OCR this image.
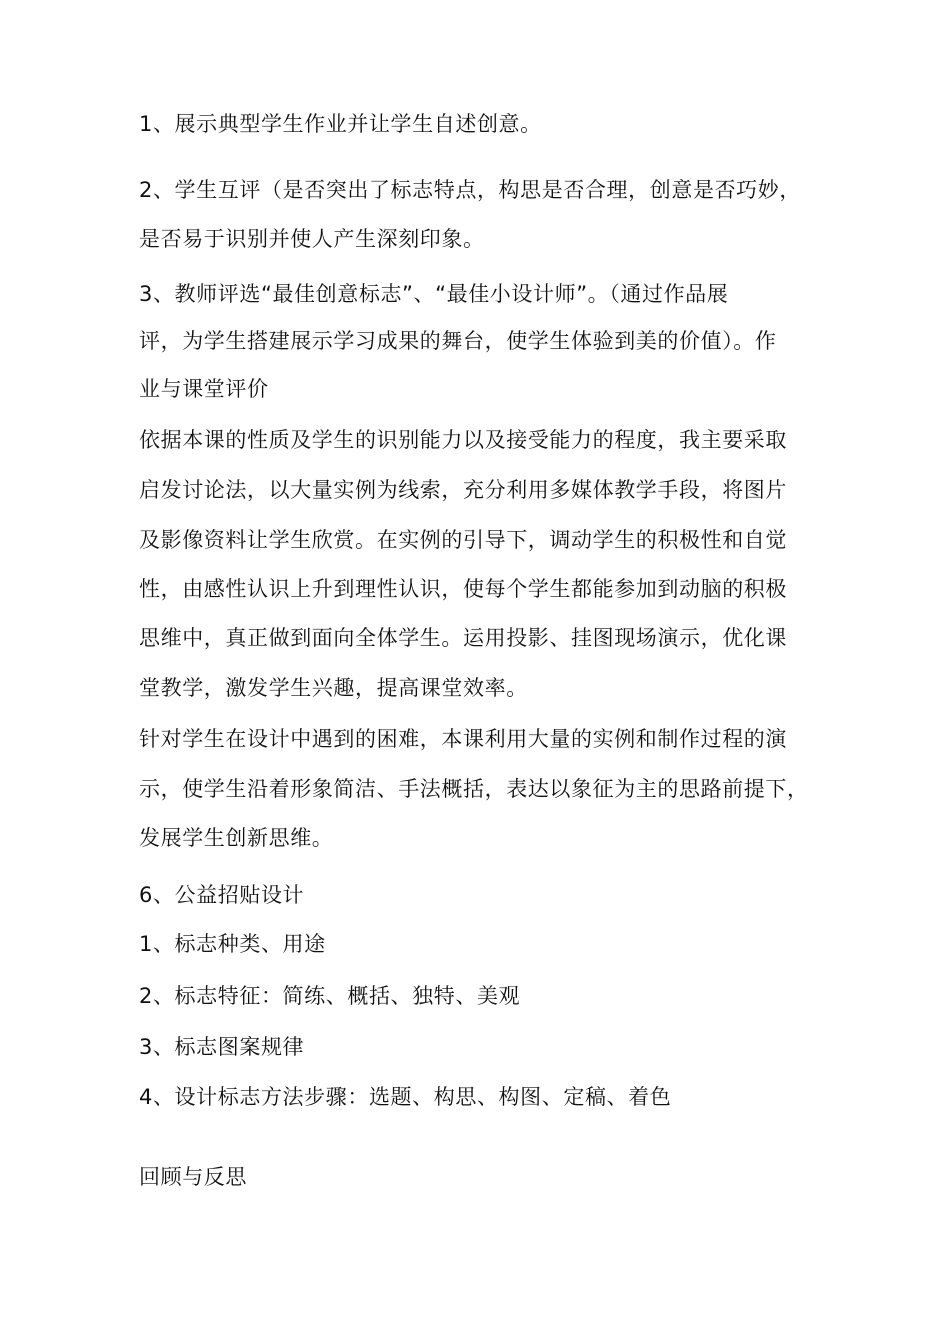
1、展示典型学生作业并让学生自述创意。
2、学生互评（是否突出了标志特点，构思是否合理，创意是否巧妙，
是否易于识别并使人产生深刻印象。
3、教师评选“最佳创意标志”、“最佳小设计师”。（通过作品展
评，为学生搭建展示学习成果的舞台，使学生体验到美的价值）。作
业与课堂评价
依据本课的性质及学生的识别能力以及接受能力的程度，我主要采取
启发讨论法，以大量实例为线索，充分利用多媒体教学手段，将图片
及影像资料让学生欣赏。在实例的引导下，调动学生的积极性和自觉
性，由感性认识上升到理性认识，使每个学生都能参加到动脑的积极
思维中，真正做到面向全体学生。运用投影、挂图现场演示，优化课
堂教学，激发学生兴趣，提高课堂效率。
针对学生在设计中遇到的困难，本课利用大量的实例和制作过程的演
示，使学生沿着形象简洁、手法概括，表达以象征为主的思路前提下，
发展学生创新思维。
6、公益招贴设计
1、标志种类、用途
2、标志特征：简练、概括、独特、美观
3、标志图案规律
4、设计标志方法步骤：选题、构思、构图、定稿、着色
回顾与反思
